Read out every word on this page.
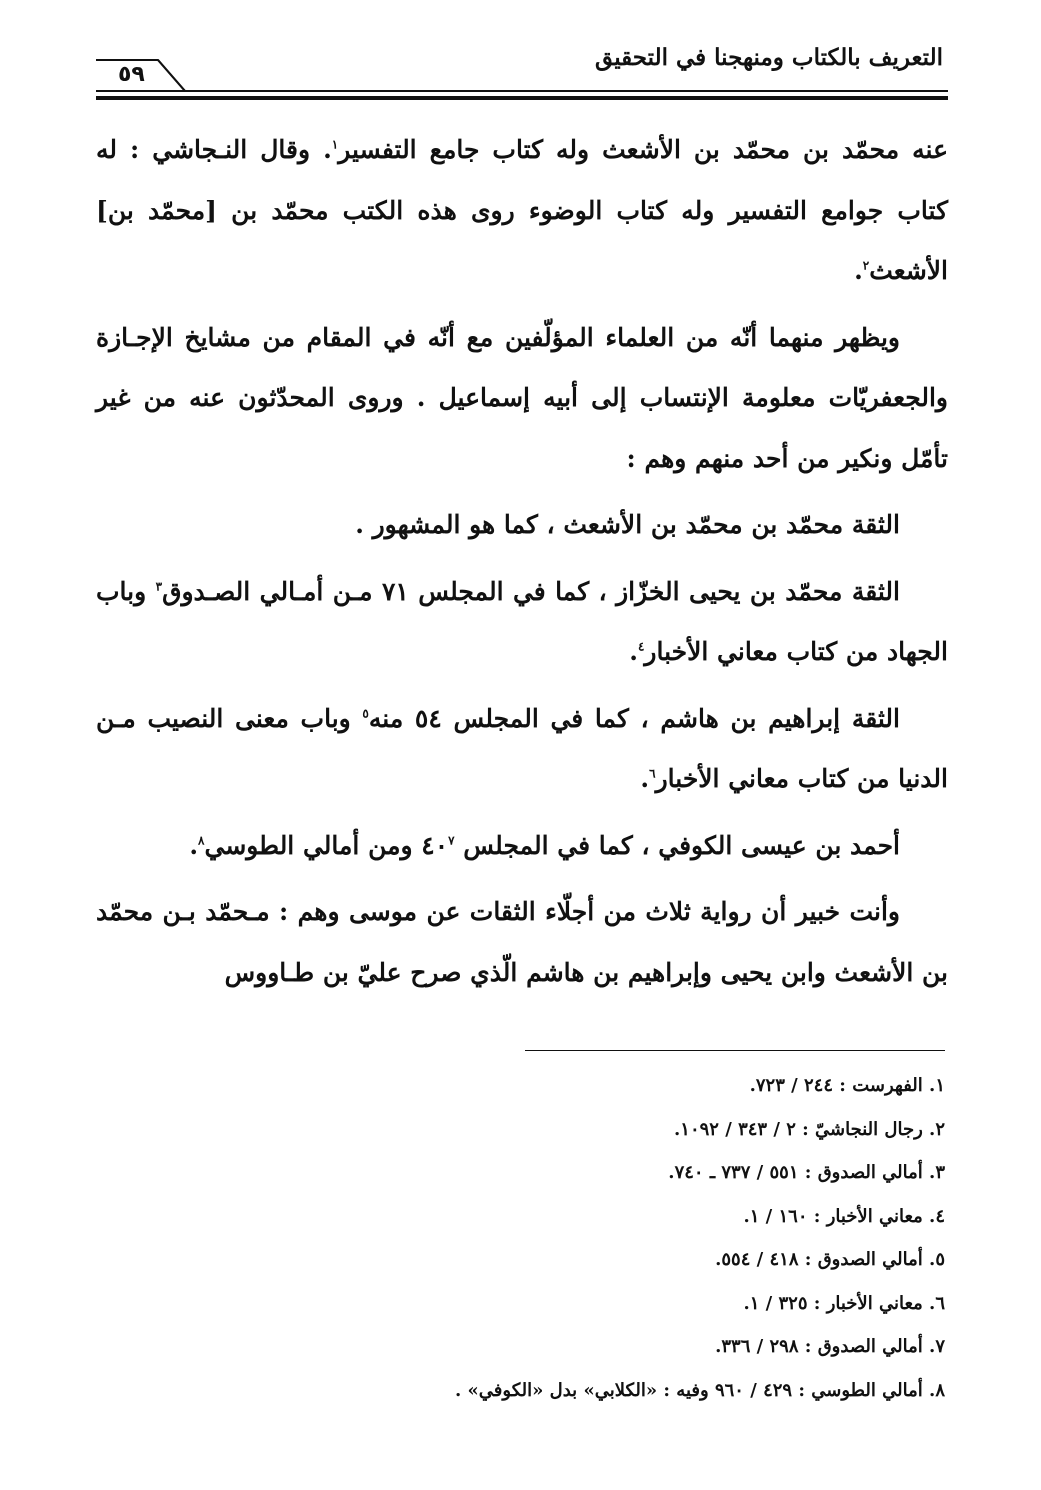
التعريف بالكتاب ومنهجنا في التحقيق
٥٩

عنه محمّد بن محمّد بن الأشعث وله كتاب جامع التفسير$^١$. وقال النـجاشي : له كتاب جوامع التفسير وله كتاب الوضوء روى هذه الكتب محمّد بن [محمّد بن] الأشعث$^٢$.

ويظهر منهما أنّه من العلماء المؤلّفين مع أنّه في المقام من مشايخ الإجـازة والجعفريّات معلومة الإنتساب إلى أبيه إسماعيل . وروى المحدّثون عنه من غير تأمّل ونكير من أحد منهم وهم :

الثقة محمّد بن محمّد بن الأشعث ، كما هو المشهور .

الثقة محمّد بن يحيى الخزّاز ، كما في المجلس ٧١ مـن أمـالي الصـدوق$^٣$ وباب الجهاد من كتاب معاني الأخبار$^٤$.

الثقة إبراهيم بن هاشم ، كما في المجلس ٥٤ منه$^٥$ وباب معنى النصيب مـن الدنيا من كتاب معاني الأخبار$^٦$.

أحمد بن عيسى الكوفي ، كما في المجلس ٤٠$^٧$ ومن أمالي الطوسي$^٨$.

وأنت خبير أن رواية ثلاث من أجلّاء الثقات عن موسى وهم : مـحمّد بـن محمّد بن الأشعث وابن يحيى وإبراهيم بن هاشم الّذي صرح عليّ بن طـاووس

١. الفهرست : ٢٤٤ / ٧٢٣.
٢. رجال النجاشيّ : ٢ / ٣٤٣ / ١٠٩٢.
٣. أمالي الصدوق : ٥٥١ / ٧٣٧ ـ ٧٤٠.
٤. معاني الأخبار : ١٦٠ / ١.
٥. أمالي الصدوق : ٤١٨ / ٥٥٤.
٦. معاني الأخبار : ٣٢٥ / ١.
٧. أمالي الصدوق : ٢٩٨ / ٣٣٦.
٨. أمالي الطوسي : ٤٢٩ / ٩٦٠ وفيه : «الكلابي» بدل «الكوفي» .
